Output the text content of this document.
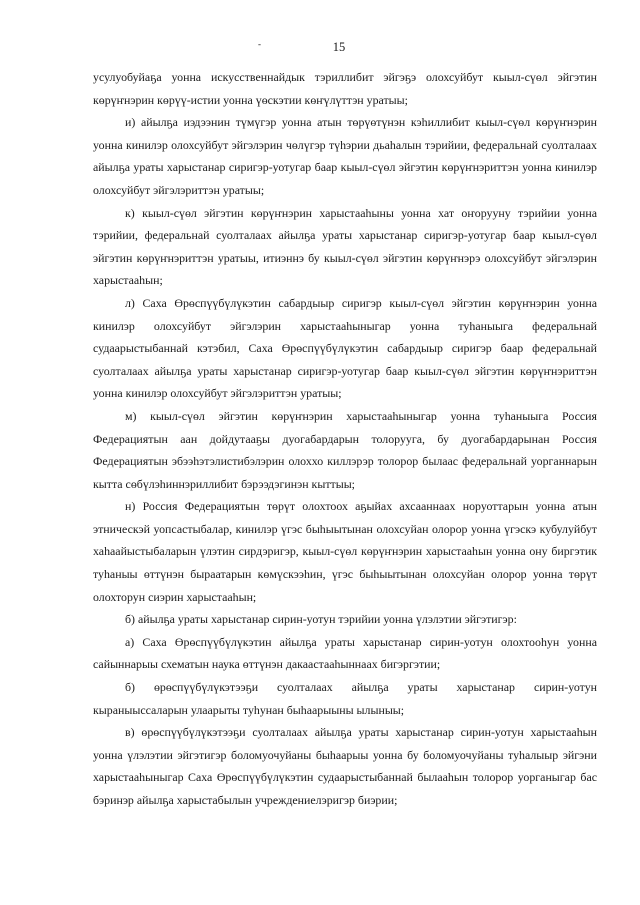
-	15

усулуобуйаҕа уонна искусственнайдык тэриллибит эйгэҕэ олохсуйбут кыыл-сүөл эйгэтин көрүҥнэрин көрүү-истии уонна үөскэтии көҥүлүттэн уратыы;

и) айылҕа иэдээнин түмүгэр уонна атын төрүөтүнэн кэһиллибит кыыл-сүөл көрүҥнэрин уонна кинилэр олохсуйбут эйгэлэрин чөлүгэр түһэрии дьаһалын тэрийии, федеральнай суолталаах айылҕа ураты харыстанар сиригэр-уотугар баар кыыл-сүөл эйгэтин көрүҥнэриттэн уонна кинилэр олохсуйбут эйгэлэриттэн уратыы;

к) кыыл-сүөл эйгэтин көрүҥнэрин харыстааһыны уонна хат оҥорууну тэрийии уонна тэрийии, федеральнай суолталаах айылҕа ураты харыстанар сиригэр-уотугар баар кыыл-сүөл эйгэтин көрүҥнэриттэн уратыы, итиэннэ бу кыыл-сүөл эйгэтин көрүҥнэрэ олохсуйбут эйгэлэрин харыстааһын;

л) Саха Өрөспүүбүлүкэтин сабардыыр сиригэр кыыл-сүөл эйгэтин көрүҥнэрин уонна кинилэр олохсуйбут эйгэлэрин харыстааһыныгар уонна туһаныыга федеральнай судаарыстыбаннай кэтэбил, Саха Өрөспүүбүлүкэтин сабардыыр сиригэр баар федеральнай суолталаах айылҕа ураты харыстанар сиригэр-уотугар баар кыыл-сүөл эйгэтин көрүҥнэриттэн уонна кинилэр олохсуйбут эйгэлэриттэн уратыы;

м) кыыл-сүөл эйгэтин көрүҥнэрин харыстааһыныгар уонна туһаныыга Россия Федерациятын аан дойдутааҕы дуогабардарын толорууга, бу дуогабардарынан Россия Федерациятын эбээһэтэлистибэлэрин олоххо киллэрэр толорор былаас федеральнай уорганнарын кытта сөбүлэһиннэриллибит бэрээдэгинэн кыттыы;

н) Россия Федерациятын төрүт олохтоох аҕыйах ахсааннаах норуоттарын уонна атын этническэй уопсастыбалар, кинилэр үгэс быһыытынан олохсуйан олорор уонна үгэскэ кубулуйбут хаһаайыстыбаларын үлэтин сирдэригэр, кыыл-сүөл көрүҥнэрин харыстааһын уонна ону биргэтик туһаныы өттүнэн быраатарын көмүскээһин, үгэс быһыытынан олохсуйан олорор уонна төрүт олохторун сиэрин харыстааһын;

б) айылҕа ураты харыстанар сирин-уотун тэрийии уонна үлэлэтии эйгэтигэр:

а) Саха Өрөспүүбүлүкэтин айылҕа ураты харыстанар сирин-уотун олохтооһун уонна сайыннарыы схематын наука өттүнэн дакаастааһыннаах бигэргэтии;

б) өрөспүүбүлүкэтээҕи суолталаах айылҕа ураты харыстанар сирин-уотун кыраныыссаларын улаарыты туһунан быһаарыыны ылыныы;

в) өрөспүүбүлүкэтээҕи суолталаах айылҕа ураты харыстанар сирин-уотун харыстааһын уонна үлэлэтии эйгэтигэр боломуочуйаны быһаарыы уонна бу боломуочуйаны туһалыыр эйгэни харыстааһыныгар Саха Өрөспүүбүлүкэтин судаарыстыбаннай былааһын толорор уорганыгар бас бэринэр айылҕа харыстабылын учреждениелэригэр биэрии;
